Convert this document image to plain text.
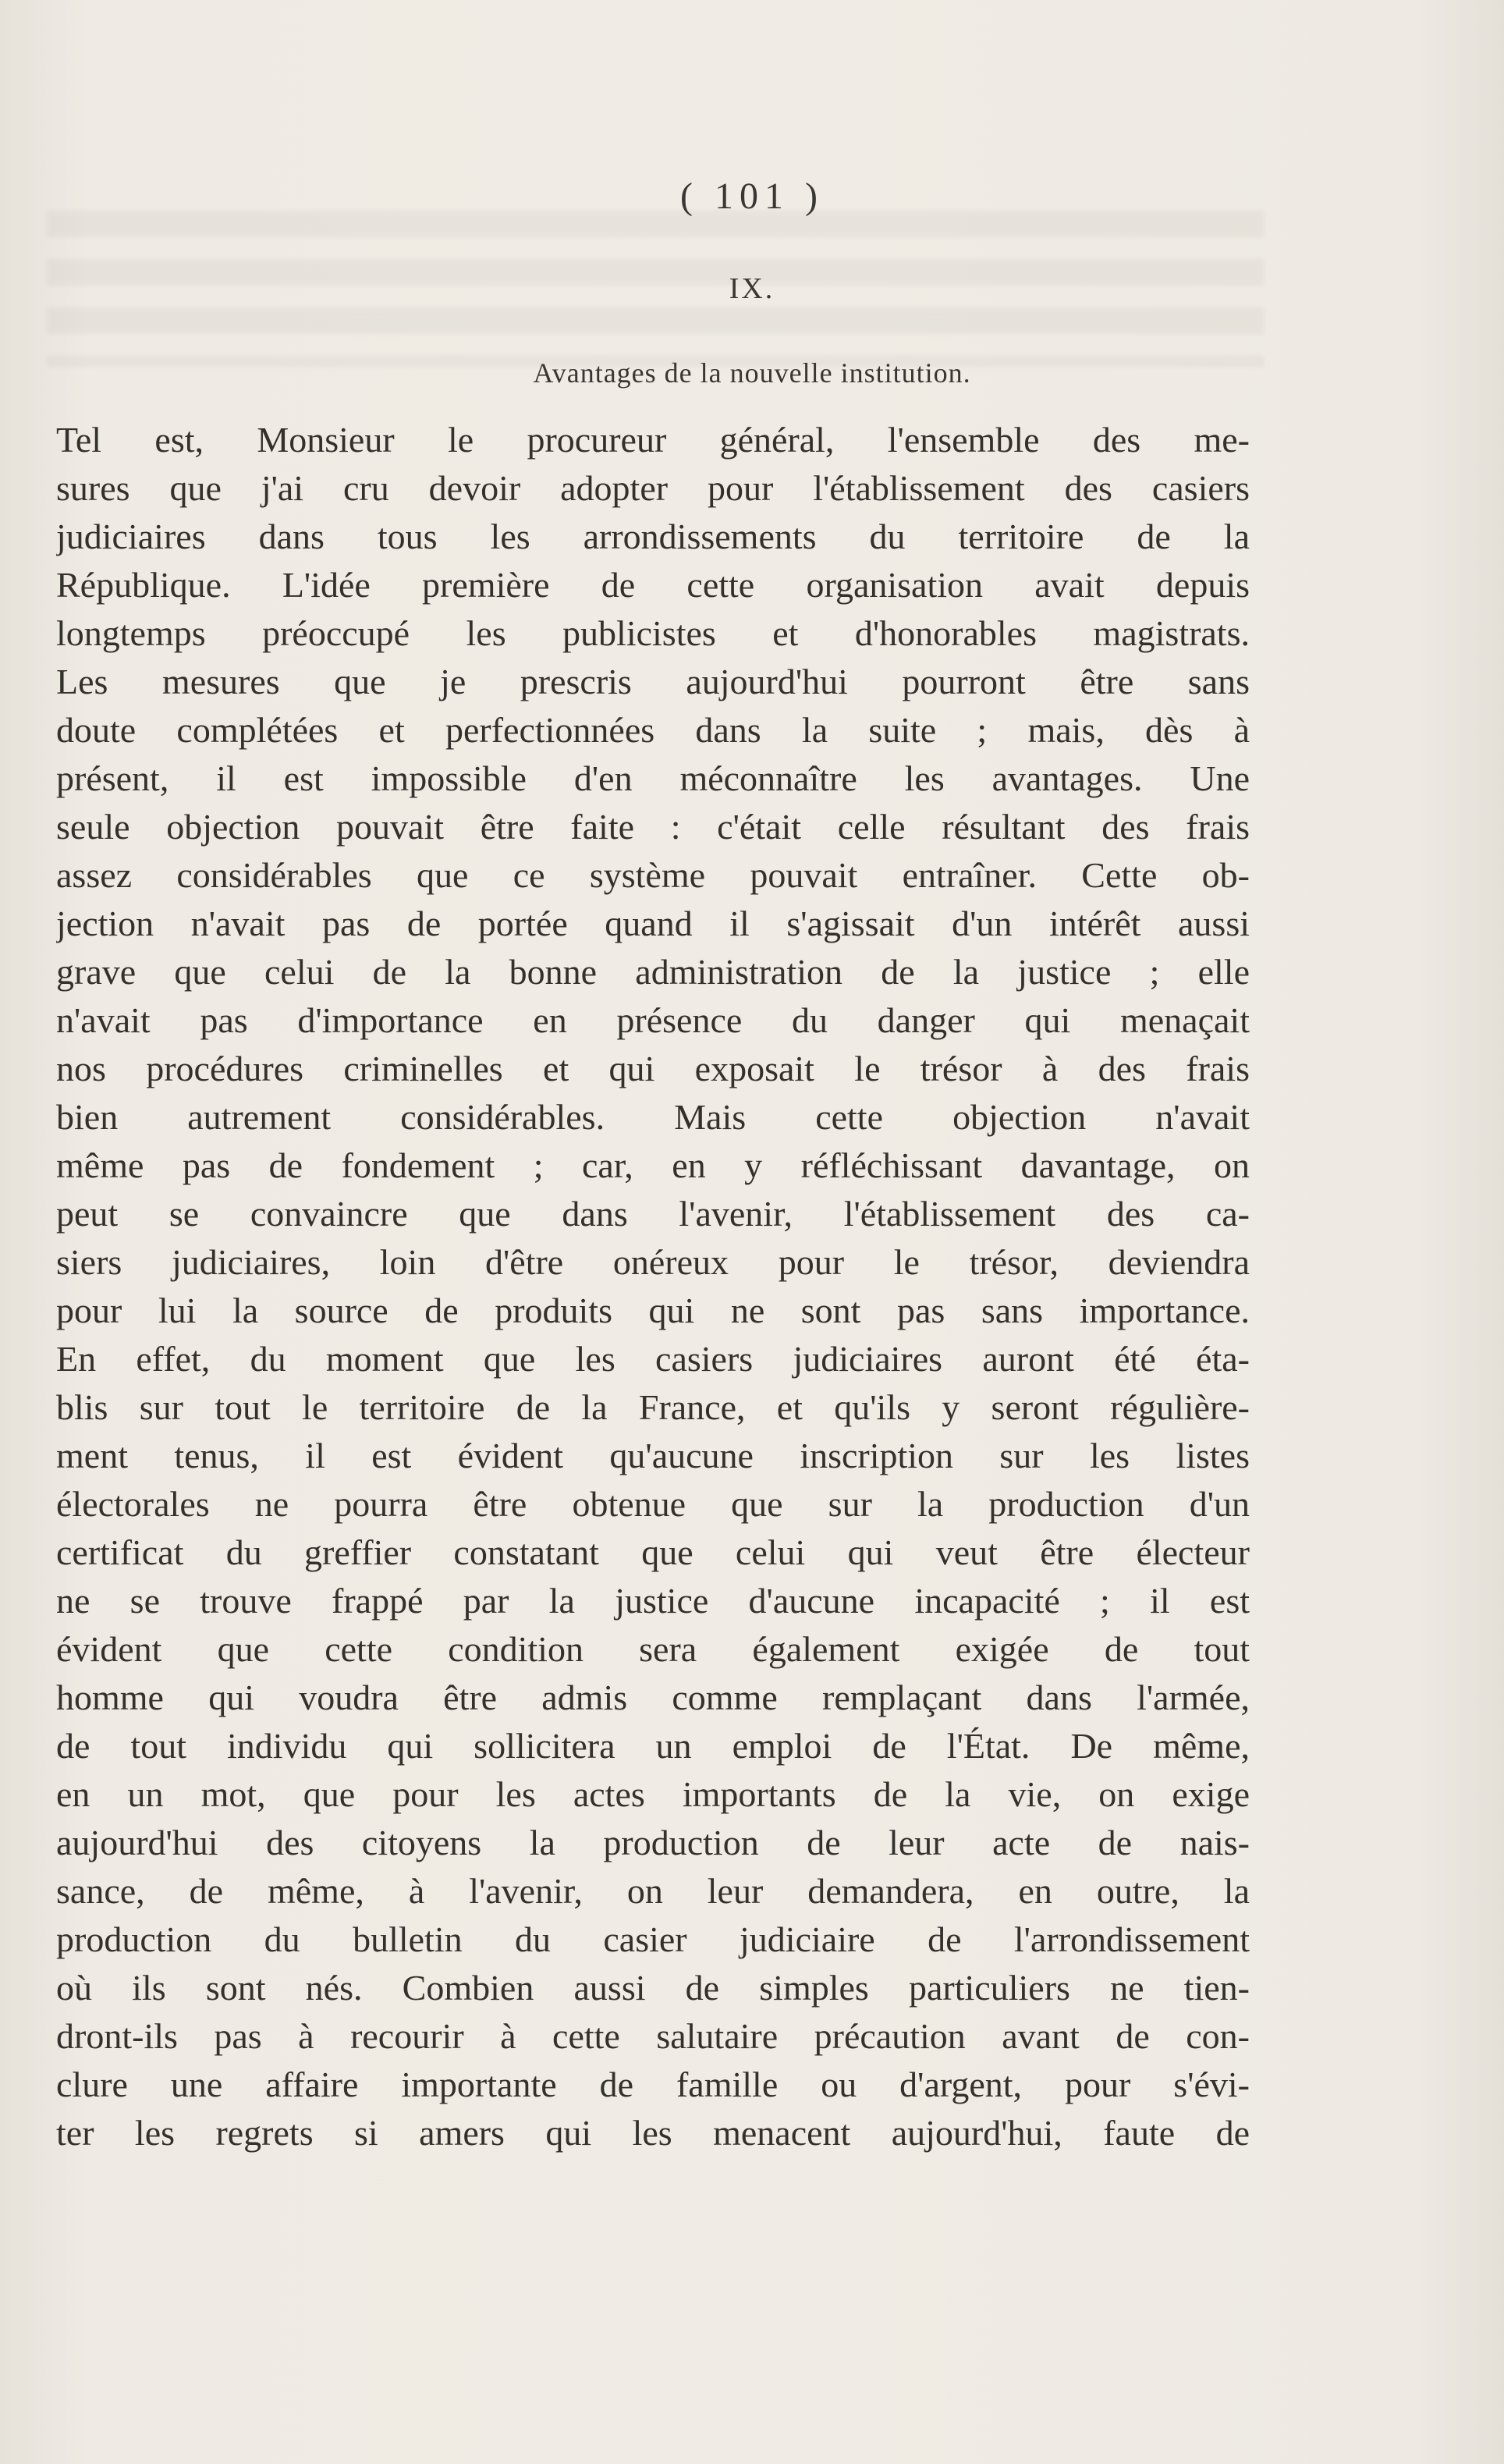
( 101 )
IX.
Avantages de la nouvelle institution.
Tel est, Monsieur le procureur général, l'ensemble des me-
sures que j'ai cru devoir adopter pour l'établissement des casiers
judiciaires dans tous les arrondissements du territoire de la
République. L'idée première de cette organisation avait depuis
longtemps préoccupé les publicistes et d'honorables magistrats.
Les mesures que je prescris aujourd'hui pourront être sans
doute complétées et perfectionnées dans la suite ; mais, dès à
présent, il est impossible d'en méconnaître les avantages. Une
seule objection pouvait être faite : c'était celle résultant des frais
assez considérables que ce système pouvait entraîner. Cette ob-
jection n'avait pas de portée quand il s'agissait d'un intérêt aussi
grave que celui de la bonne administration de la justice ; elle
n'avait pas d'importance en présence du danger qui menaçait
nos procédures criminelles et qui exposait le trésor à des frais
bien autrement considérables. Mais cette objection n'avait
même pas de fondement ; car, en y réfléchissant davantage, on
peut se convaincre que dans l'avenir, l'établissement des ca-
siers judiciaires, loin d'être onéreux pour le trésor, deviendra
pour lui la source de produits qui ne sont pas sans importance.
En effet, du moment que les casiers judiciaires auront été éta-
blis sur tout le territoire de la France, et qu'ils y seront régulière-
ment tenus, il est évident qu'aucune inscription sur les listes
électorales ne pourra être obtenue que sur la production d'un
certificat du greffier constatant que celui qui veut être électeur
ne se trouve frappé par la justice d'aucune incapacité ; il est
évident que cette condition sera également exigée de tout
homme qui voudra être admis comme remplaçant dans l'armée,
de tout individu qui sollicitera un emploi de l'État. De même,
en un mot, que pour les actes importants de la vie, on exige
aujourd'hui des citoyens la production de leur acte de nais-
sance, de même, à l'avenir, on leur demandera, en outre, la
production du bulletin du casier judiciaire de l'arrondissement
où ils sont nés. Combien aussi de simples particuliers ne tien-
dront-ils pas à recourir à cette salutaire précaution avant de con-
clure une affaire importante de famille ou d'argent, pour s'évi-
ter les regrets si amers qui les menacent aujourd'hui, faute de
